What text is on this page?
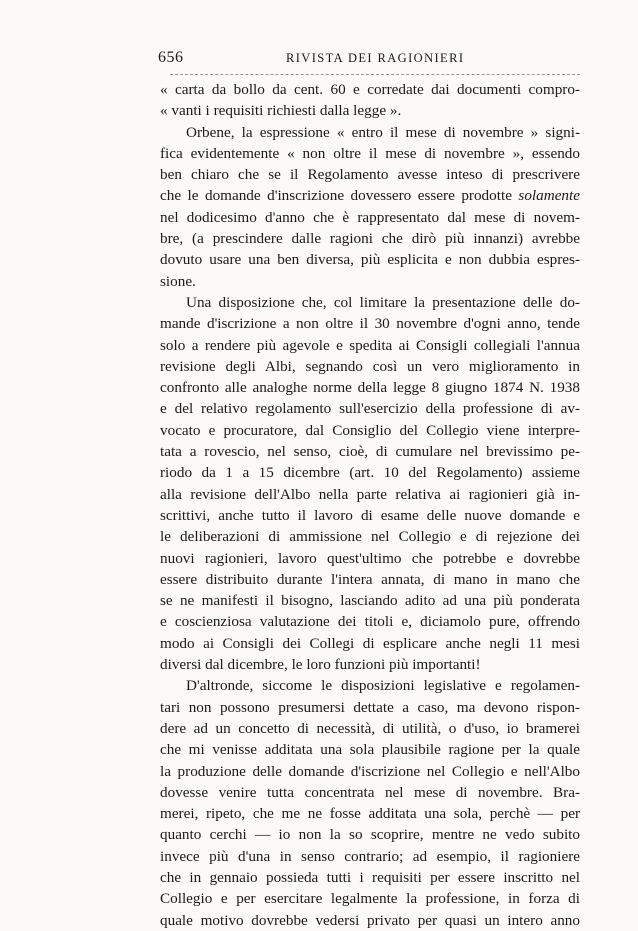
656	RIVISTA DEI RAGIONIERI

« carta da bollo da cent. 60 e corredate dai documenti compro-
« vanti i requisiti richiesti dalla legge ».

Orbene, la espressione « entro il mese di novembre » signi-
fica evidentemente « non oltre il mese di novembre », essendo
ben chiaro che se il Regolamento avesse inteso di prescrivere
che le domande d'inscrizione dovessero essere prodotte solamente
nel dodicesimo d'anno che è rappresentato dal mese di novem-
bre, (a prescindere dalle ragioni che dirò più innanzi) avrebbe
dovuto usare una ben diversa, più esplicita e non dubbia espres-
sione.

Una disposizione che, col limitare la presentazione delle do-
mande d'iscrizione a non oltre il 30 novembre d'ogni anno, tende
solo a rendere più agevole e spedita ai Consigli collegiali l'annua
revisione degli Albi, segnando così un vero miglioramento in
confronto alle analoghe norme della legge 8 giugno 1874 N. 1938
e del relativo regolamento sull'esercizio della professione di av-
vocato e procuratore, dal Consiglio del Collegio viene interpre-
tata a rovescio, nel senso, cioè, di cumulare nel brevissimo pe-
riodo da 1 a 15 dicembre (art. 10 del Regolamento) assieme
alla revisione dell'Albo nella parte relativa ai ragionieri già in-
scrittivi, anche tutto il lavoro di esame delle nuove domande e
le deliberazioni di ammissione nel Collegio e di rejezione dei
nuovi ragionieri, lavoro quest'ultimo che potrebbe e dovrebbe
essere distribuito durante l'intera annata, di mano in mano che
se ne manifesti il bisogno, lasciando adito ad una più ponderata
e coscienziosa valutazione dei titoli e, diciamolo pure, offrendo
modo ai Consigli dei Collegi di esplicare anche negli 11 mesi
diversi dal dicembre, le loro funzioni più importanti!

D'altronde, siccome le disposizioni legislative e regolamen-
tari non possono presumersi dettate a caso, ma devono rispon-
dere ad un concetto di necessità, di utilità, o d'uso, io bramerei
che mi venisse additata una sola plausibile ragione per la quale
la produzione delle domande d'iscrizione nel Collegio e nell'Albo
dovesse venire tutta concentrata nel mese di novembre. Bra-
merei, ripeto, che me ne fosse additata una sola, perchè — per
quanto cerchi — io non la so scoprire, mentre ne vedo subito
invece più d'una in senso contrario; ad esempio, il ragioniere
che in gennaio possieda tutti i requisiti per essere inscritto nel
Collegio e per esercitare legalmente la professione, in forza di
quale motivo dovrebbe vedersi privato per quasi un intero anno
